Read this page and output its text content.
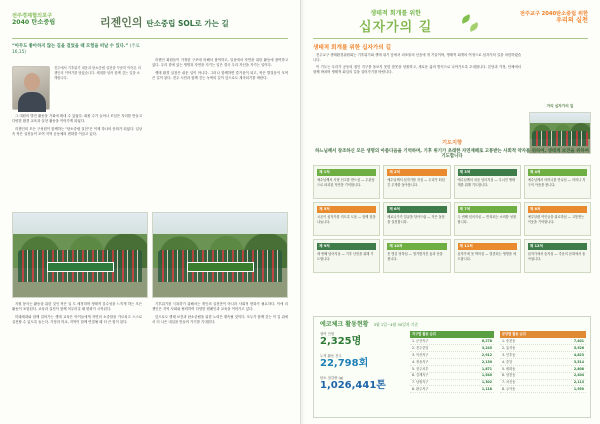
전주경제협의포구
2040 탄소중립	리젠인의 탄소중립 SOL로 가는 길
“아무도 좋아하지 않는 길을 걸었을 때 모험을 떠날 수 있다.” (주로 16,15)
전주에서 기후위기 대응과 탄소중립 실천을 꾸준히 이어온 리젠인의 이야기를 담았습니다. 세대를 넘어 함께 걷는 길을 소개합니다.

그 대원의 발전 활동을 기회에 확대 수 있었다. 회원 수가 늘어나 모임은 자리를 만들고 다양한 환경 교육과 실천 활동을 이어가게 되었다.

리젠인의 모든 구성원이 함께하는 "탄소중립 실천"은 이제 하나의 문화가 되었다. 일상 속 작은 실천들이 모여 지역 공동체의 변화를 이끌고 있다.

리젠인 회원들이 가정한 구조에 의해서 참여하고, 일상에서 자연을 위한 활동에 참여하고 있다. 우리 곁에 있는 생명과 자연을 지키는 일은 결국 우리 자신을 지키는 일이다.

생태 환경 실천은 쉬운 일이 아니다. 그러나 함께하면 즐거움이 되고, 작은 발걸음이 모여 큰 길이 된다. 전주 시민과 함께 걷는 녹색의 길이 앞으로도 계속되기를 바란다.

지원 봉사는 활동을 위한 것인 작은 일 도 세정하며 생태적 감수성을 느끼게 하는 모든 활동이 포함된다. 교육과 실천이 함께 어우러질 때 변화가 시작된다.

미래세대와 함께 걸어가는 생태 교육은 아이들에게 자연의 소중함을 가르치고 스스로 실천할 수 있도록 돕는다. 가정과 학교, 지역이 함께 연결될 때 더 큰 힘이 된다.

기후위기를 극복하기 위해서는 개인의 실천만이 아니라 사회적 변화가 필요하다. 이에 리젠인은 지역 사회와 협력하여 다양한 캠페인과 교육을 이어가고 있다.

앞으로도 생태 보전과 탄소중립을 위한 노력은 계속될 것이다. 모두가 함께 걷는 이 길 위에서 더 나은 내일을 만들어 가기를 기대한다.

생태적 회개를 위한
십자가의 길
전주교구 2040탄소중립 위한
우리의 실천
생태적 회개를 위한 십자가의 길

전주교구 생태환경위원회는 기후위기와 생태 위기 앞에서 피조물의 신음에 귀 기울이며, 생태적 회개의 여정으로 십자가의 길을 마련하였습니다.

이 기도는 우리가 공동의 집인 지구를 돌보지 못한 잘못을 성찰하고, 새로운 삶의 방식으로 나아가도록 초대합니다. 본당과 가정, 단체에서 함께 바치며 생태적 회심의 길을 걸어가기를 바랍니다.

거리 십자가의 길
기도지향
하느님께서 창조하신 모든 생명의 아름다움을 기억하며, 기후 위기가 초래한 자연재해로 고통받는 사회적 약자를 위하여, 생태계 보전을 위하여 기도합니다
제 1처
예수님께서 사형 선고를 받으심 — 무관심으로 파괴된 자연을 기억합니다.
제 2처
예수님께서 십자가를 지심 — 우리가 떠넘긴 무게를 돌아봅니다.
제 3처
예수님께서 처음 넘어지심 — 무너진 생태계를 위해 기도합니다.
제 4처
예수님께서 어머니를 만나심 — 어머니 지구의 아픔을 봅니다.
제 5처
시몬이 십자가를 지도록 도움 — 함께 짐을 나눕니다.
제 6처
베로니카가 얼굴을 닦아드림 — 작은 돌봄을 실천합니다.
제 7처
두 번째 넘어지심 — 반복되는 소비를 성찰합니다.
제 8처
예루살렘 여인들을 위로하심 — 고통받는 이웃을 기억합니다.
제 9처
세 번째 넘어지심 — 기후 난민을 위해 기도합니다.
제 10처
옷 벗김 당하심 — 벌거벗겨진 숲과 산을 봅니다.
제 11처
십자가에 못 박히심 — 멸종되는 생명을 애도합니다.
제 12처
십자가에서 숨지심 — 죽음의 문화에서 돌아섭니다.
에코체크 활동현황 3월 1일~4월 30일자 기준
참여 인원
2,325명
누적 활동 건수
22,798회
탄소 절감량 (g)
1,026,441톤
지구별 활동 순위
1. 군산지구	6,278
2. 전주중앙	3,245
3. 익산지구	2,912
4. 정읍지구	2,130
5. 전주서부	1,871
6. 김제지구	1,540
7. 남원지구	1,302
8. 완주지구	1,118
본당별 활동 순위
1. 송천동	7,401
2. 효자동	5,926
3. 인후동	4,823
4. 중앙	3,514
5. 평화동	2,808
6. 삼천동	2,404
7. 서신동	2,113
8. 우아동	1,950
